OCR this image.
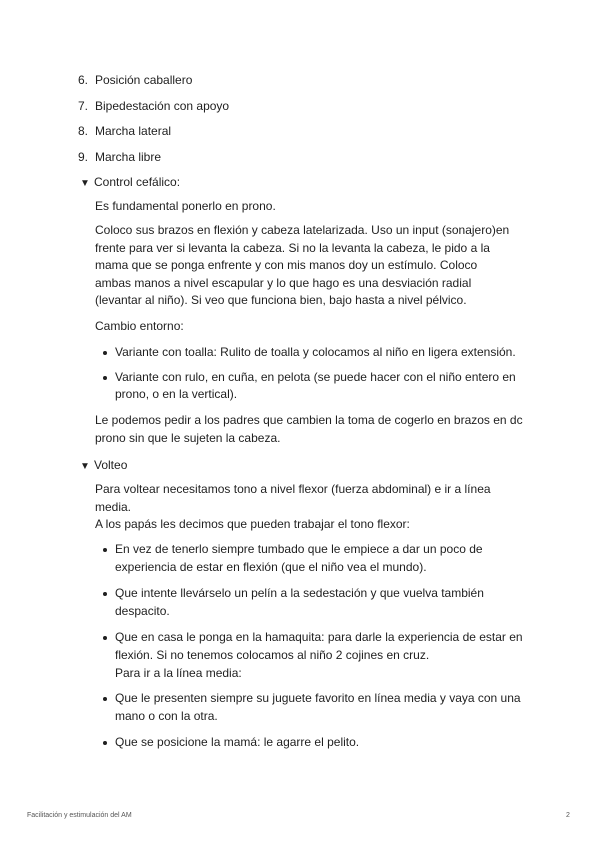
6. Posición caballero
7. Bipedestación con apoyo
8. Marcha lateral
9. Marcha libre
▼ Control cefálico:

Es fundamental ponerlo en prono.

Coloco sus brazos en flexión y cabeza latelarizada. Uso un input (sonajero)en frente para ver si levanta la cabeza. Si no la levanta la cabeza, le pido a la mama que se ponga enfrente y con mis manos doy un estímulo. Coloco ambas manos a nivel escapular y lo que hago es una desviación radial (levantar al niño). Si veo que funciona bien, bajo hasta a nivel pélvico.

Cambio entorno:

Variante con toalla: Rulito de toalla y colocamos al niño en ligera extensión.
Variante con rulo, en cuña, en pelota (se puede hacer con el niño entero en prono, o en la vertical).

Le podemos pedir a los padres que cambien la toma de cogerlo en brazos en dc prono sin que le sujeten la cabeza.

▼ Volteo

Para voltear necesitamos tono a nivel flexor (fuerza abdominal) e ir a línea media.

A los papás les decimos que pueden trabajar el tono flexor:

En vez de tenerlo siempre tumbado que le empiece a dar un poco de experiencia de estar en flexión (que el niño vea el mundo).
Que intente llevárselo un pelín a la sedestación y que vuelva también despacito.
Que en casa le ponga en la hamaquita: para darle la experiencia de estar en flexión. Si no tenemos colocamos al niño 2 cojines en cruz.

Para ir a la línea media:

Que le presenten siempre su juguete favorito en línea media y vaya con una mano o con la otra.
Que se posicione la mamá: le agarre el pelito.
Facilitación y estimulación del AM	2
